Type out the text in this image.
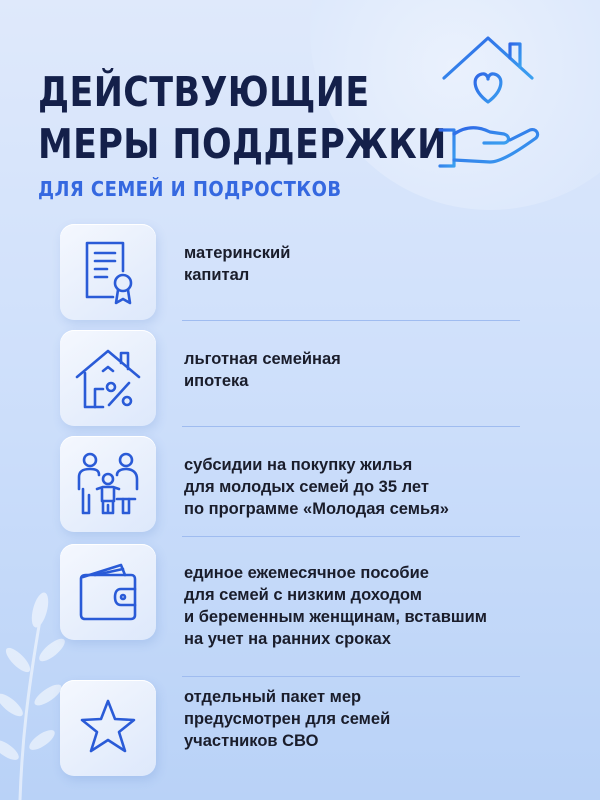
ДЕЙСТВУЮЩИЕ
МЕРЫ ПОДДЕРЖКИ

ДЛЯ СЕМЕЙ И ПОДРОСТКОВ

материнский
капитал

льготная семейная
ипотека

субсидии на покупку жилья
для молодых семей до 35 лет
по программе «Молодая семья»

единое ежемесячное пособие
для семей с низким доходом
и беременным женщинам, вставшим
на учет на ранних сроках

отдельный пакет мер
предусмотрен для семей
участников СВО
